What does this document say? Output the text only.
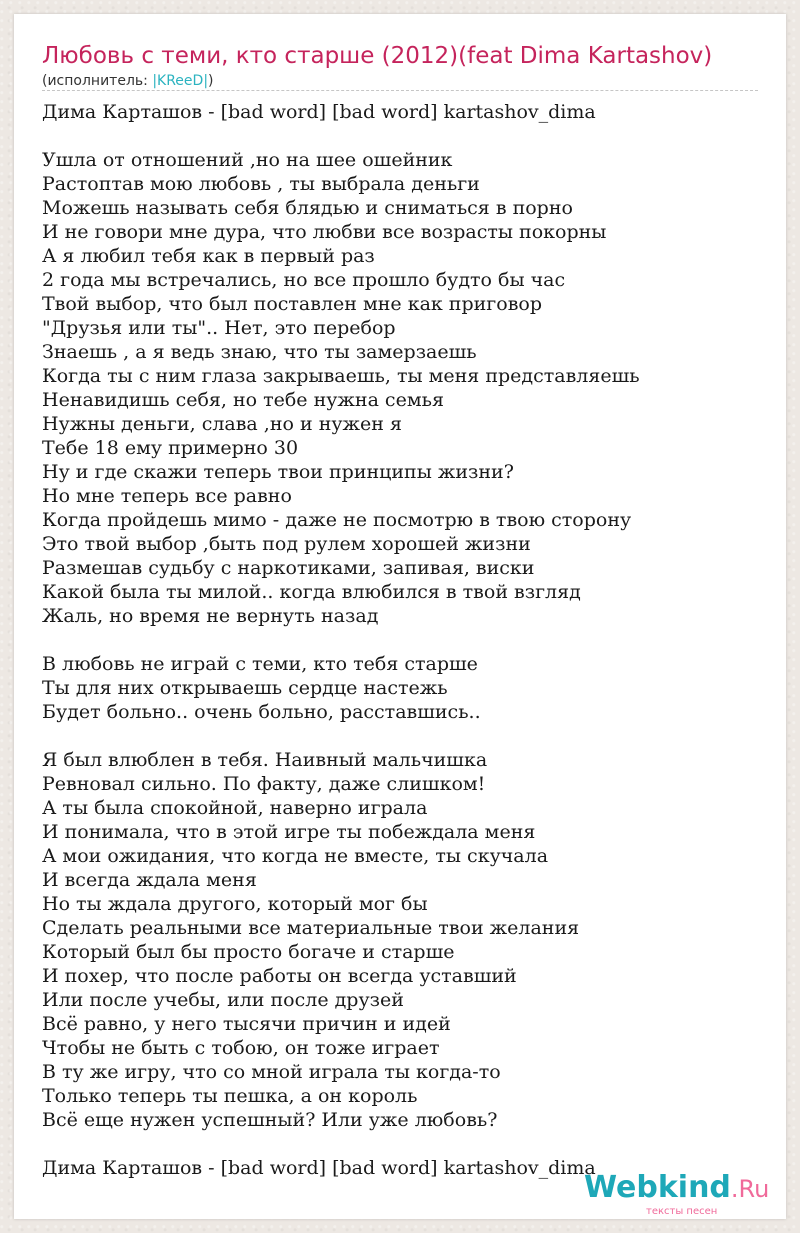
Любовь с теми, кто старше (2012)(feat Dima Kartashov)
(исполнитель: |KReeD|)
Дима Карташов - [bad word] [bad word] kartashov_dima
Ушла от отношений ,но на шее ошейник
Растоптав мою любовь , ты выбрала деньги
Можешь называть себя блядью и сниматься в порно
И не говори мне дура, что любви все возрасты покорны
А я любил тебя как в первый раз
2 года мы встречались, но все прошло будто бы час
Твой выбор, что был поставлен мне как приговор
"Друзья или ты".. Нет, это перебор
Знаешь , а я ведь знаю, что ты замерзаешь
Когда ты с ним глаза закрываешь, ты меня представляешь
Ненавидишь себя, но тебе нужна семья
Нужны деньги, слава ,но и нужен я
Тебе 18 ему примерно 30
Ну и где скажи теперь твои принципы жизни?
Но мне теперь все равно
Когда пройдешь мимо - даже не посмотрю в твою сторону
Это твой выбор ,быть под рулем хорошей жизни
Размешав судьбу с наркотиками, запивая, виски
Какой была ты милой.. когда влюбился в твой взгляд
Жаль, но время не вернуть назад
В любовь не играй с теми, кто тебя старше
Ты для них открываешь сердце настежь
Будет больно.. очень больно, расставшись..
Я был влюблен в тебя. Наивный мальчишка
Ревновал сильно. По факту, даже слишком!
А ты была спокойной, наверно играла
И понимала, что в этой игре ты побеждала меня
А мои ожидания, что когда не вместе, ты скучала
И всегда ждала меня
Но ты ждала другого, который мог бы
Сделать реальными все материальные твои желания
Который был бы просто богаче и старше
И похер, что после работы он всегда уставший
Или после учебы, или после друзей
Всё равно, у него тысячи причин и идей
Чтобы не быть с тобою, он тоже играет
В ту же игру, что со мной играла ты когда-то
Только теперь ты пешка, а он король
Всё еще нужен успешный? Или уже любовь?
Дима Карташов - [bad word] [bad word] kartashov_dima
Webkind.Ru
тексты песен
